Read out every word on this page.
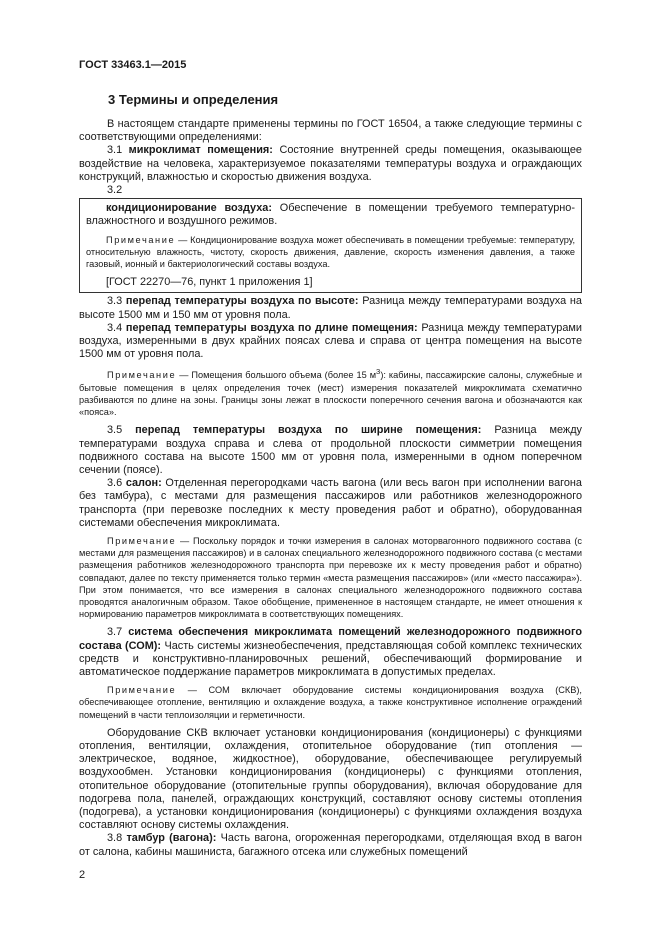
ГОСТ 33463.1—2015
3 Термины и определения

В настоящем стандарте применены термины по ГОСТ 16504, а также следующие термины с соответствующими определениями:

3.1 микроклимат помещения: Состояние внутренней среды помещения, оказывающее воздействие на человека, характеризуемое показателями температуры воздуха и ограждающих конструкций, влажностью и скоростью движения воздуха.

3.2

кондиционирование воздуха: Обеспечение в помещении требуемого температурно-влажностного и воздушного режимов.

Примечание — Кондиционирование воздуха может обеспечивать в помещении требуемые: температуру, относительную влажность, чистоту, скорость движения, давление, скорость изменения давления, а также газовый, ионный и бактериологический составы воздуха.

[ГОСТ 22270—76, пункт 1 приложения 1]

3.3 перепад температуры воздуха по высоте: Разница между температурами воздуха на высоте 1500 мм и 150 мм от уровня пола.

3.4 перепад температуры воздуха по длине помещения: Разница между температурами воздуха, измеренными в двух крайних поясах слева и справа от центра помещения на высоте 1500 мм от уровня пола.

Примечание — Помещения большого объема (более 15 $м^3$): кабины, пассажирские салоны, служебные и бытовые помещения в целях определения точек (мест) измерения показателей микроклимата схематично разбиваются по длине на зоны. Границы зоны лежат в плоскости поперечного сечения вагона и обозначаются как «пояса».

3.5 перепад температуры воздуха по ширине помещения: Разница между температурами воздуха справа и слева от продольной плоскости симметрии помещения подвижного состава на высоте 1500 мм от уровня пола, измеренными в одном поперечном сечении (поясе).

3.6 салон: Отделенная перегородками часть вагона (или весь вагон при исполнении вагона без тамбура), с местами для размещения пассажиров или работников железнодорожного транспорта (при перевозке последних к месту проведения работ и обратно), оборудованная системами обеспечения микроклимата.

Примечание — Поскольку порядок и точки измерения в салонах моторвагонного подвижного состава (с местами для размещения пассажиров) и в салонах специального железнодорожного подвижного состава (с местами размещения работников железнодорожного транспорта при перевозке их к месту проведения работ и обратно) совпадают, далее по тексту применяется только термин «места размещения пассажиров» (или «место пассажира»). При этом понимается, что все измерения в салонах специального железнодорожного подвижного состава проводятся аналогичным образом. Такое обобщение, примененное в настоящем стандарте, не имеет отношения к нормированию параметров микроклимата в соответствующих помещениях.

3.7 система обеспечения микроклимата помещений железнодорожного подвижного состава (СОМ): Часть системы жизнеобеспечения, представляющая собой комплекс технических средств и конструктивно-планировочных решений, обеспечивающий формирование и автоматическое поддержание параметров микроклимата в допустимых пределах.

Примечание — СОМ включает оборудование системы кондиционирования воздуха (СКВ), обеспечивающее отопление, вентиляцию и охлаждение воздуха, а также конструктивное исполнение ограждений помещений в части теплоизоляции и герметичности.

Оборудование СКВ включает установки кондиционирования (кондиционеры) с функциями отопления, вентиляции, охлаждения, отопительное оборудование (тип отопления — электрическое, водяное, жидкостное), оборудование, обеспечивающее регулируемый воздухообмен. Установки кондиционирования (кондиционеры) с функциями отопления, отопительное оборудование (отопительные группы оборудования), включая оборудование для подогрева пола, панелей, ограждающих конструкций, составляют основу системы отопления (подогрева), а установки кондиционирования (кондиционеры) с функциями охлаждения воздуха составляют основу системы охлаждения.

3.8 тамбур (вагона): Часть вагона, огороженная перегородками, отделяющая вход в вагон от салона, кабины машиниста, багажного отсека или служебных помещений

2
